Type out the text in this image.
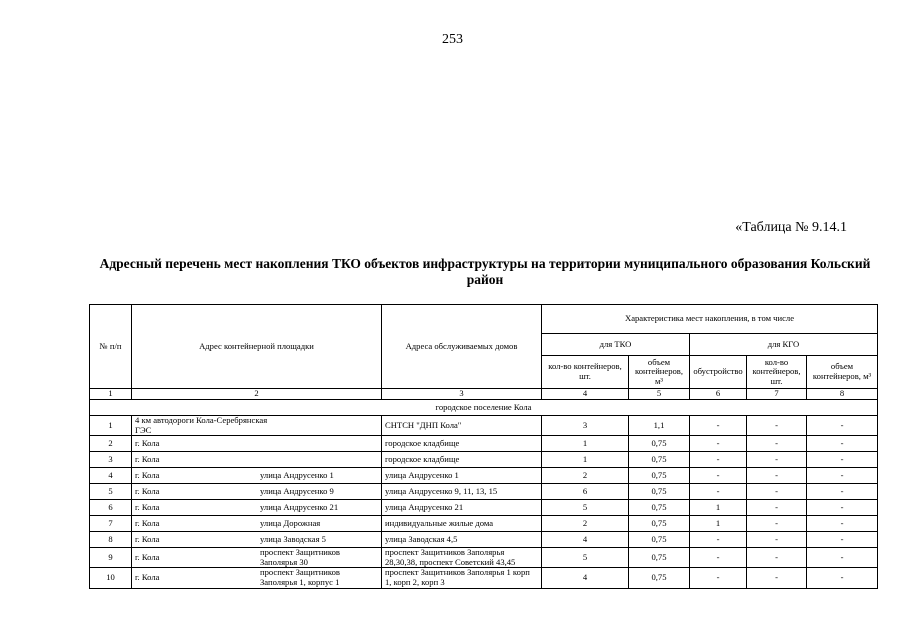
253
«Таблица № 9.14.1
Адресный перечень мест накопления ТКО объектов инфраструктуры на территории муниципального образования Кольский район
№ п/п	Адрес контейнерной площадки	Адреса обслуживаемых домов	Характеристика мест накопления, в том числе				
			для ТКО		для КГО		
			кол-во контейнеров, шт.	объем контейнеров, м³	обустройство	кол-во контейнеров, шт.	объем контейнеров, м³
1	2	3	4	5	6	7	8
городское поселение Кола							
1	4 км автодороги Кола-Серебрянская ГЭС	СНТСН "ДНП Кола"	3	1,1	-	-	-
2	г. Кола	городское кладбище	1	0,75	-	-	-
3	г. Кола	городское кладбище	1	0,75	-	-	-
4	г. Кола улица Андрусенко 1	улица Андрусенко 1	2	0,75	-	-	-
5	г. Кола улица Андрусенко 9	улица Андрусенко 9, 11, 13, 15	6	0,75	-	-	-
6	г. Кола улица Андрусенко 21	улица Андрусенко 21	5	0,75	1	-	-
7	г. Кола улица Дорожная	индивидуальные жилые дома	2	0,75	1	-	-
8	г. Кола улица Заводская 5	улица Заводская 4,5	4	0,75	-	-	-
9	г. Кола проспект Защитников Заполярья 30	проспект Защитников Заполярья 28,30,38, проспект Советский 43,45	5	0,75	-	-	-
10	г. Кола проспект Защитников Заполярья 1, корпус 1	проспект Защитников Заполярья 1 корп 1, корп 2, корп 3	4	0,75	-	-	-
